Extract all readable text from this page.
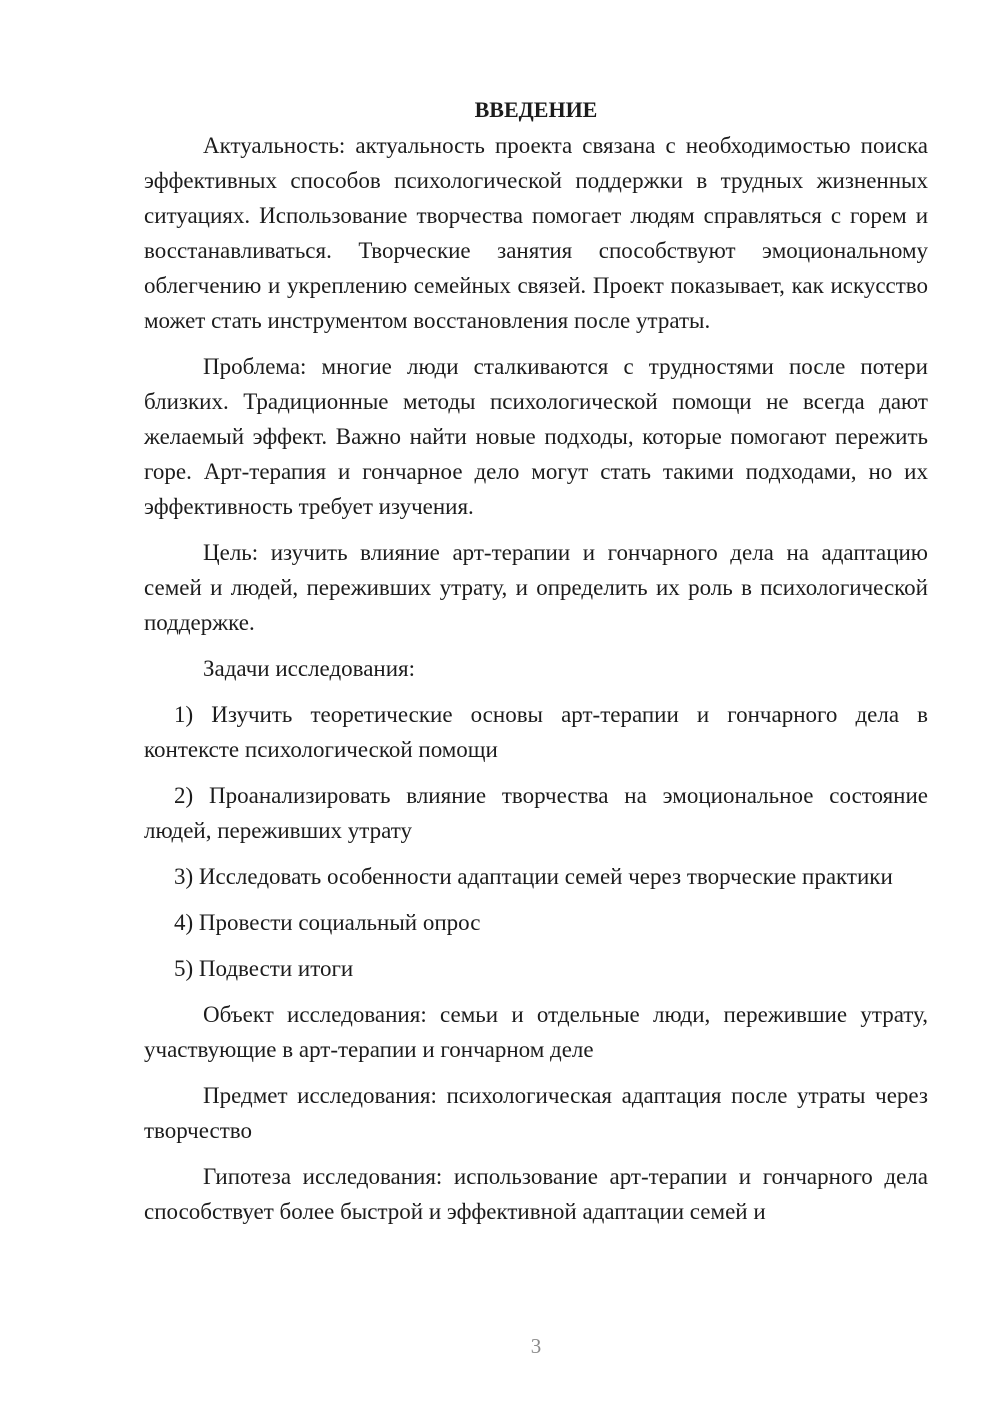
ВВЕДЕНИЕ

Актуальность: актуальность проекта связана с необходимостью поиска эффективных способов психологической поддержки в трудных жизненных ситуациях. Использование творчества помогает людям справляться с горем и восстанавливаться. Творческие занятия способствуют эмоциональному облегчению и укреплению семейных связей. Проект показывает, как искусство может стать инструментом восстановления после утраты.

Проблема: многие люди сталкиваются с трудностями после потери близких. Традиционные методы психологической помощи не всегда дают желаемый эффект. Важно найти новые подходы, которые помогают пережить горе. Арт-терапия и гончарное дело могут стать такими подходами, но их эффективность требует изучения.

Цель: изучить влияние арт-терапии и гончарного дела на адаптацию семей и людей, переживших утрату, и определить их роль в психологической поддержке.

Задачи исследования:

1) Изучить теоретические основы арт-терапии и гончарного дела в контексте психологической помощи

2) Проанализировать влияние творчества на эмоциональное состояние людей, переживших утрату

3) Исследовать особенности адаптации семей через творческие практики

4) Провести социальный опрос

5) Подвести итоги

Объект исследования: семьи и отдельные люди, пережившие утрату, участвующие в арт-терапии и гончарном деле

Предмет исследования: психологическая адаптация после утраты через творчество

Гипотеза исследования: использование арт-терапии и гончарного дела способствует более быстрой и эффективной адаптации семей и

3
